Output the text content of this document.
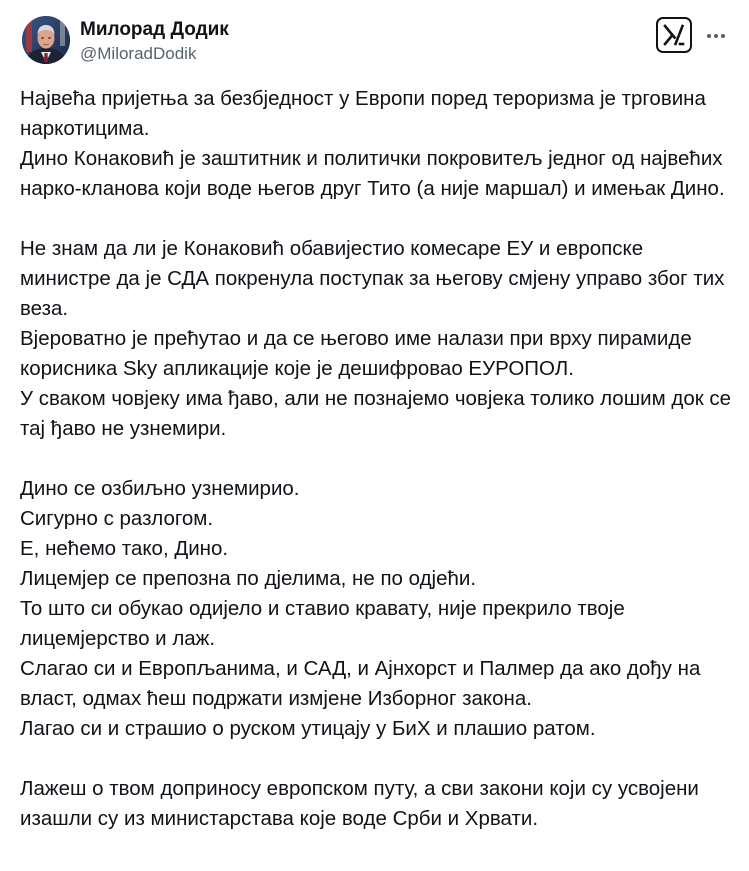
Милорад Додик
@MiloradDodik
Највећа пријетња за безбједност у Европи поред тероризма је трговина наркотицима.
Дино Конаковић је заштитник и политички покровитељ једног од највећих нарко-кланова који воде његов друг Тито (а није маршал) и имењак Дино.
Не знам да ли је Конаковић обавијестио комесаре ЕУ и европске министре да је СДА покренула поступак за његову смјену управо због тих веза.
Вјероватно је прећутао и да се његово име налази при врху пирамиде корисника Sky апликације које је дешифровао ЕУРОПОЛ.
У сваком човјеку има ђаво, али не познајемо човјека толико лошим док се тај ђаво не узнемири.
Дино се озбиљно узнемирио.
Сигурно с разлогом.
Е, нећемо тако, Дино.
Лицемјер се препозна по дјелима, не по одјећи.
То што си обукао одијело и ставио кравату, није прекрило твоје лицемјерство и лаж.
Слагао си и Европљанима, и САД, и Ајнхорст и Палмер да ако дођу на власт, одмах ћеш подржати измјене Изборног закона.
Лагао си и страшио о руском утицају у БиХ и плашио ратом.
Лажеш о твом доприносу европском путу, а сви закони који су усвојени изашли су из министарстава које воде Срби и Хрвати.
